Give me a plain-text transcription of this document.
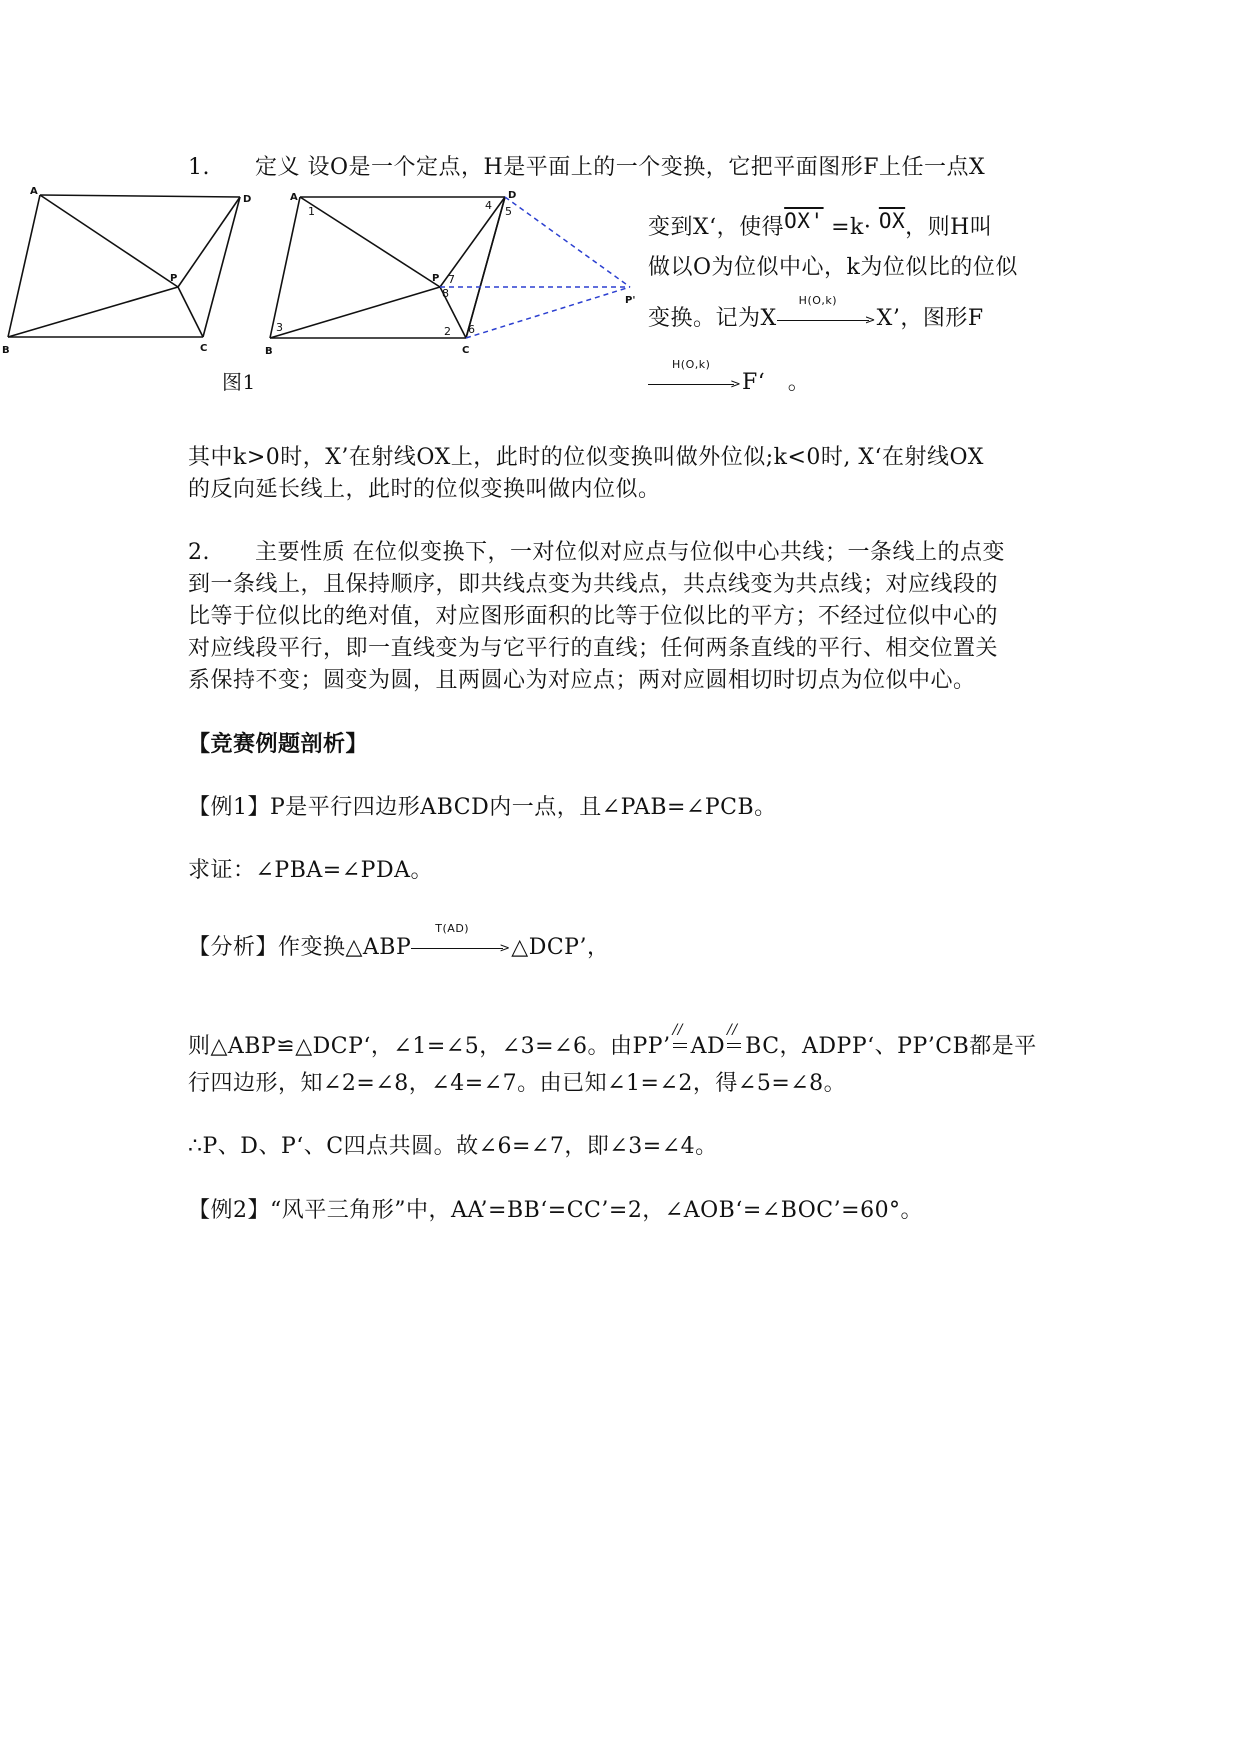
1.　　定义 设O是一个定点，H是平面上的一个变换，它把平面图形F上任一点X
A
D
P
B	C
A	D
P
P'
B	C
1
2
3
4 5
6
7
8
图1
变到X‘，使得$OX' =k\cdot \overline{OX}$，则H叫
做以O为位似中心，k为位似比的位似
变换。记为X
H(O,k)
> X’，图形F
H(O,k)
> F‘　。
其中k>0时，X’在射线OX上，此时的位似变换叫做外位似;k<0时, X‘在射线OX
的反向延长线上，此时的位似变换叫做内位似。
2.　　主要性质 在位似变换下，一对位似对应点与位似中心共线；一条线上的点变
到一条线上，且保持顺序，即共线点变为共线点，共点线变为共点线；对应线段的
比等于位似比的绝对值，对应图形面积的比等于位似比的平方；不经过位似中心的
对应线段平行，即一直线变为与它平行的直线；任何两条直线的平行、相交位置关
系保持不变；圆变为圆，且两圆心为对应点；两对应圆相切时切点为位似中心。
【竞赛例题剖析】
【例1】P是平行四边形ABCD内一点，且∠PAB=∠PCB。
求证：∠PBA=∠PDA。
【分析】作变换△ABP
T(AD)
> △DCP’，
则△ABP≌△DCP‘，∠1=∠5，∠3=∠6。由PP’
//
AD
//
BC，ADPP‘、PP’CB都是平
行四边形，知∠2=∠8，∠4=∠7。由已知∠1=∠2，得∠5=∠8。
∴P、D、P‘、C四点共圆。故∠6=∠7，即∠3=∠4。
【例2】“风平三角形”中，AA’=BB‘=CC’=2，∠AOB‘=∠BOC’=60°。
